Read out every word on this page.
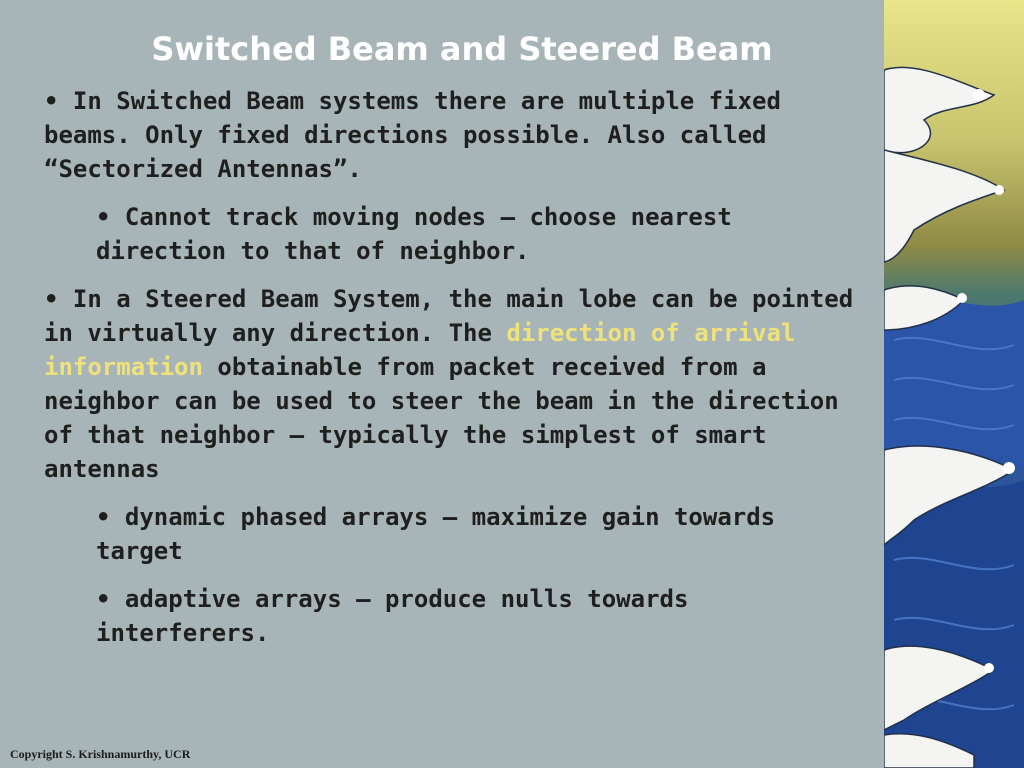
Switched Beam and Steered Beam

• In Switched Beam systems there are multiple fixed beams. Only fixed directions possible. Also called “Sectorized Antennas”.

• Cannot track moving nodes – choose nearest direction to that of neighbor.

• In a Steered Beam System, the main lobe can be pointed in virtually any direction. The direction of arrival information obtainable from packet received from a neighbor can be used to steer the beam in the direction of that neighbor – typically the simplest of smart antennas

• dynamic phased arrays – maximize gain towards target

• adaptive arrays – produce nulls towards interferers.

Copyright S. Krishnamurthy, UCR
